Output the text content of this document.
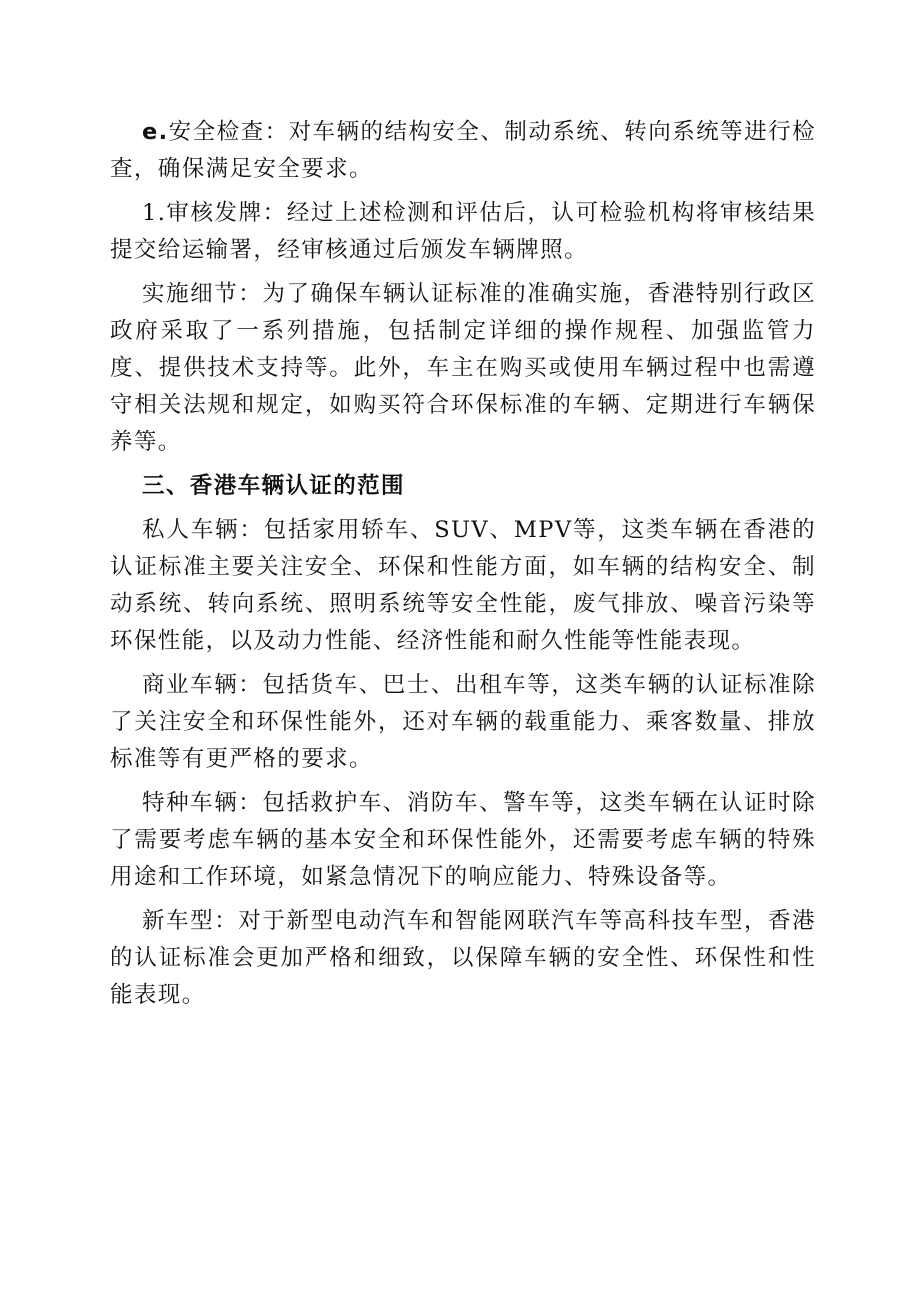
e.安全检查：对车辆的结构安全、制动系统、转向系统等进行检查，确保满足安全要求。

1.审核发牌：经过上述检测和评估后，认可检验机构将审核结果提交给运输署，经审核通过后颁发车辆牌照。

实施细节：为了确保车辆认证标准的准确实施，香港特别行政区政府采取了一系列措施，包括制定详细的操作规程、加强监管力度、提供技术支持等。此外，车主在购买或使用车辆过程中也需遵守相关法规和规定，如购买符合环保标准的车辆、定期进行车辆保养等。

三、香港车辆认证的范围

私人车辆：包括家用轿车、SUV、MPV等，这类车辆在香港的认证标准主要关注安全、环保和性能方面，如车辆的结构安全、制动系统、转向系统、照明系统等安全性能，废气排放、噪音污染等环保性能，以及动力性能、经济性能和耐久性能等性能表现。

商业车辆：包括货车、巴士、出租车等，这类车辆的认证标准除了关注安全和环保性能外，还对车辆的载重能力、乘客数量、排放标准等有更严格的要求。

特种车辆：包括救护车、消防车、警车等，这类车辆在认证时除了需要考虑车辆的基本安全和环保性能外，还需要考虑车辆的特殊用途和工作环境，如紧急情况下的响应能力、特殊设备等。

新车型：对于新型电动汽车和智能网联汽车等高科技车型，香港的认证标准会更加严格和细致，以保障车辆的安全性、环保性和性能表现。
